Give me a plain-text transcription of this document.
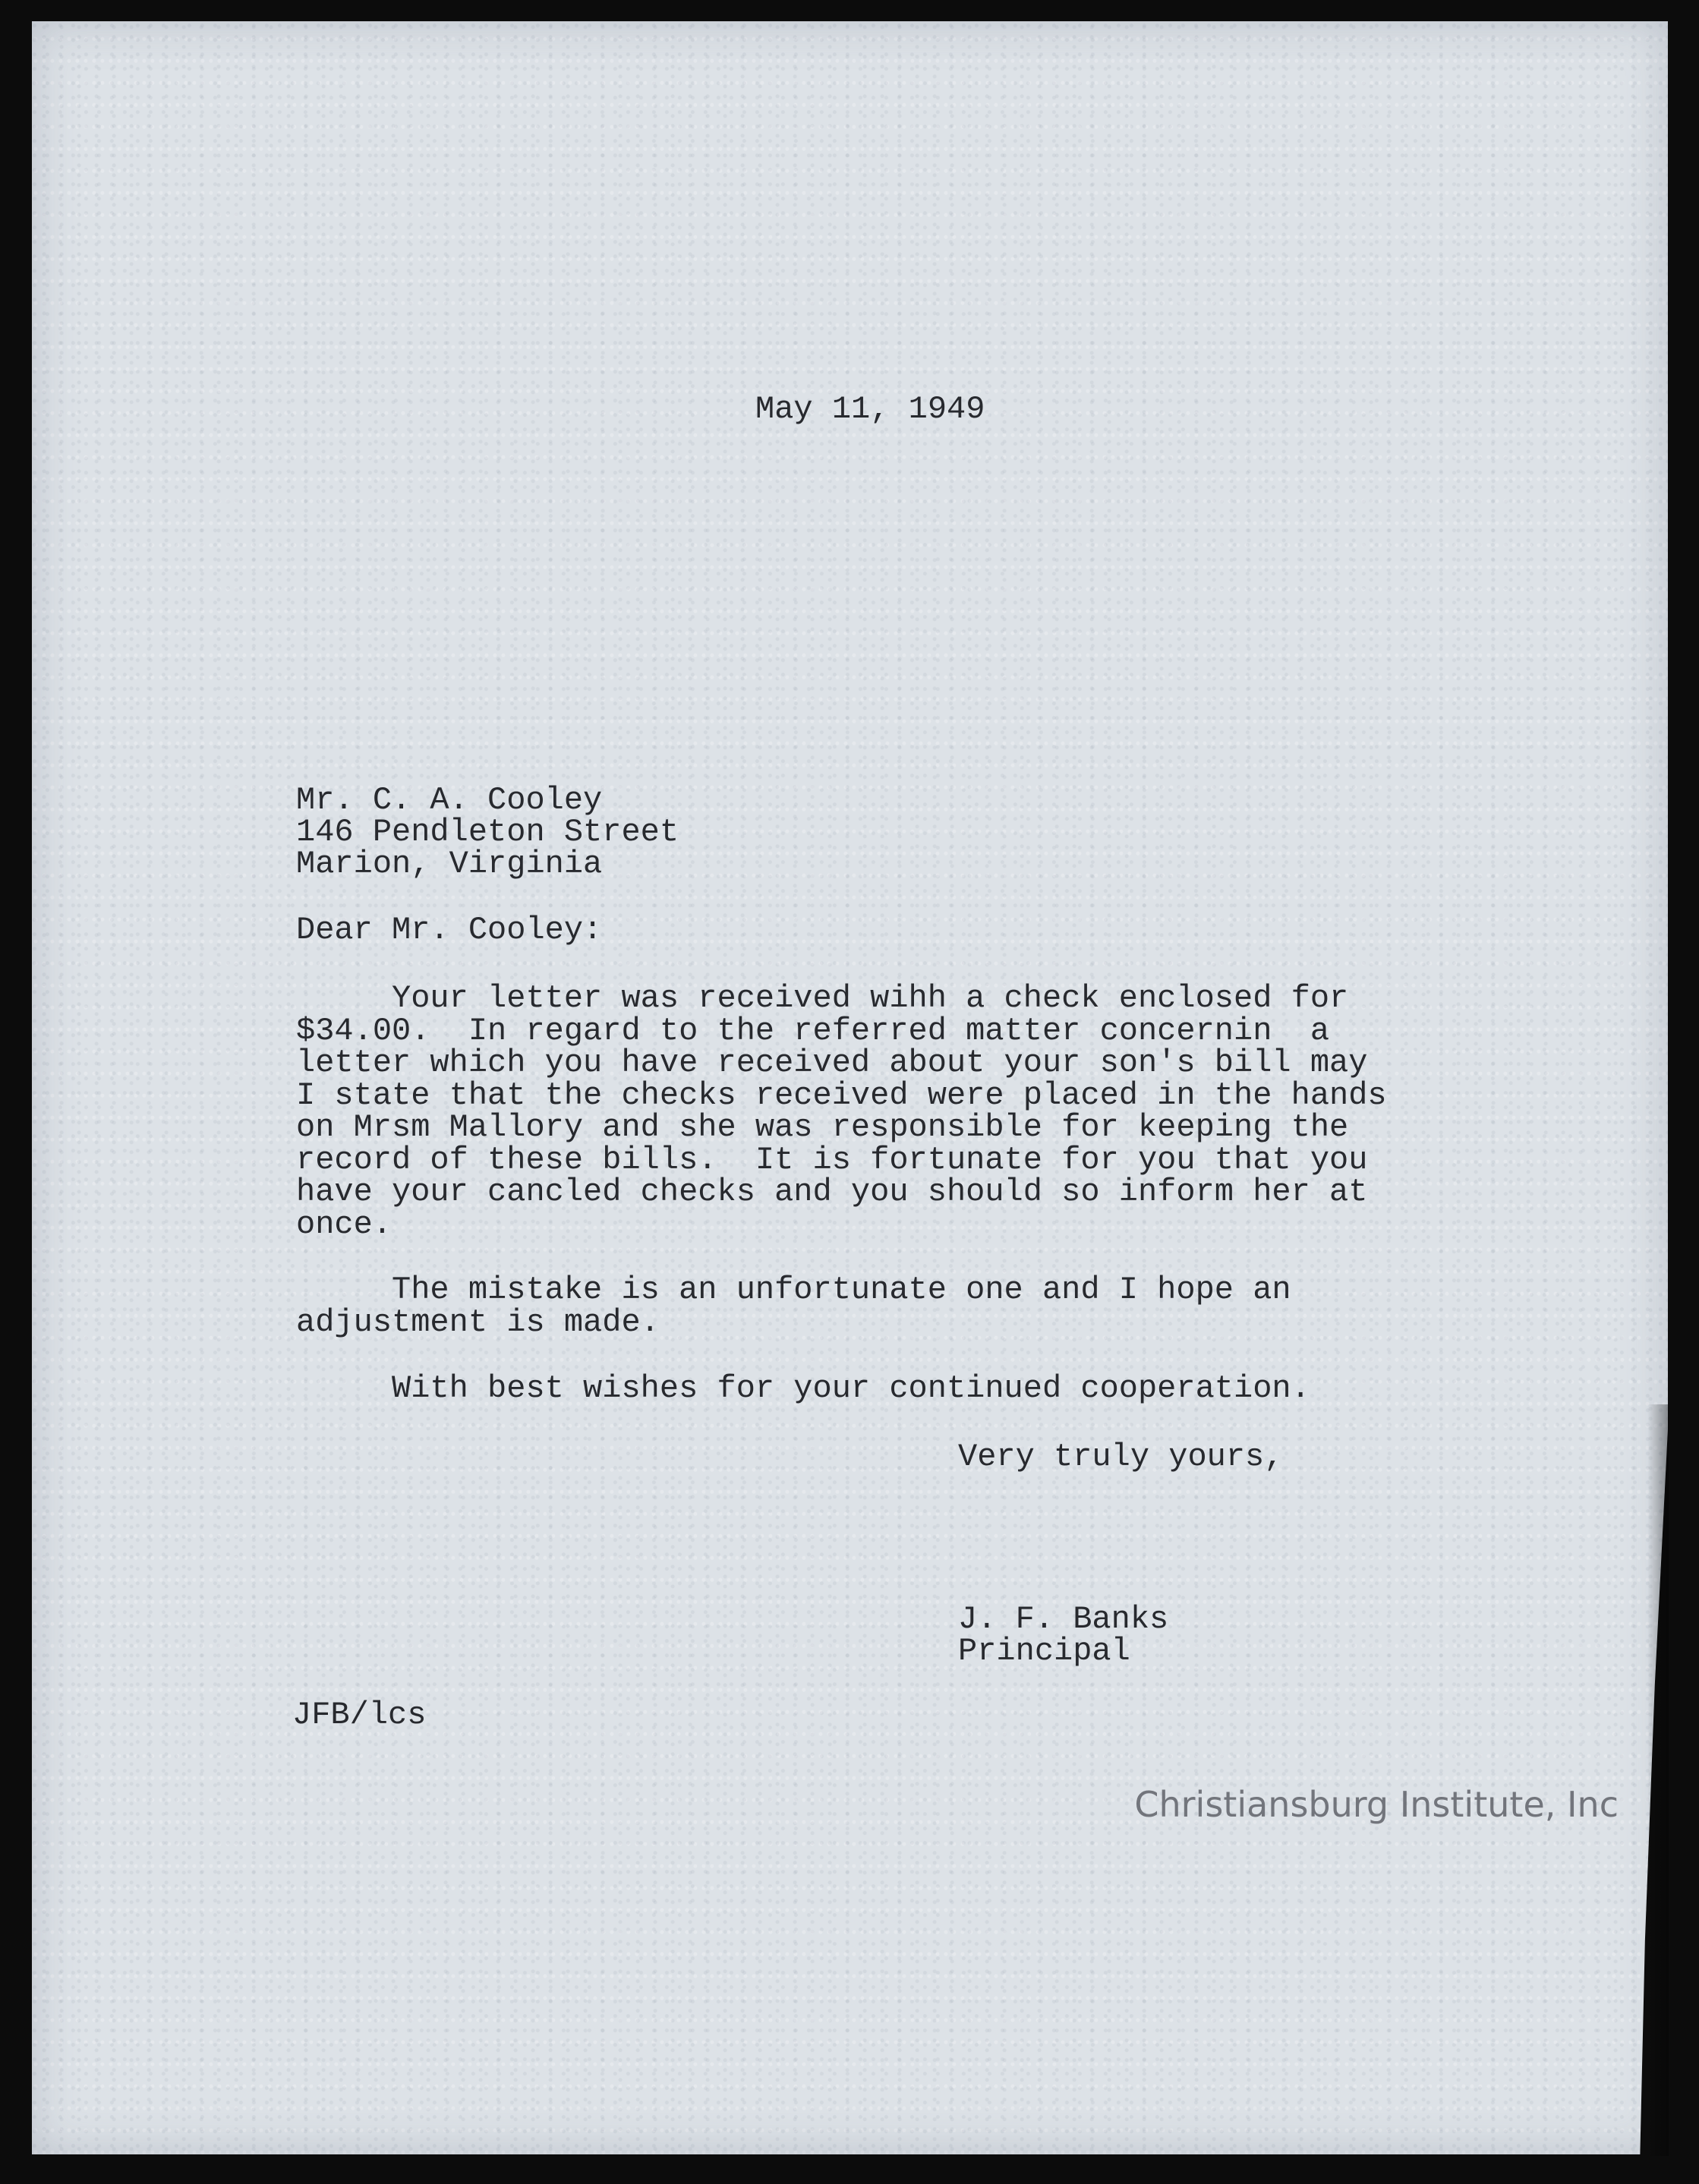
May 11, 1949

Mr. C. A. Cooley

146 Pendleton Street

Marion, Virginia

Dear Mr. Cooley:

Your letter was received wihh a check enclosed for
$34.00.  In regard to the referred matter concernin  a
letter which you have received about your son's bill may
I state that the checks received were placed in the hands
on Mrsm Mallory and she was responsible for keeping the
record of these bills.  It is fortunate for you that you
have your cancled checks and you should so inform her at
once.

The mistake is an unfortunate one and I hope an
adjustment is made.

With best wishes for your continued cooperation.

Very truly yours,

J. F. Banks

Principal

JFB/lcs

Christiansburg Institute, Inc
